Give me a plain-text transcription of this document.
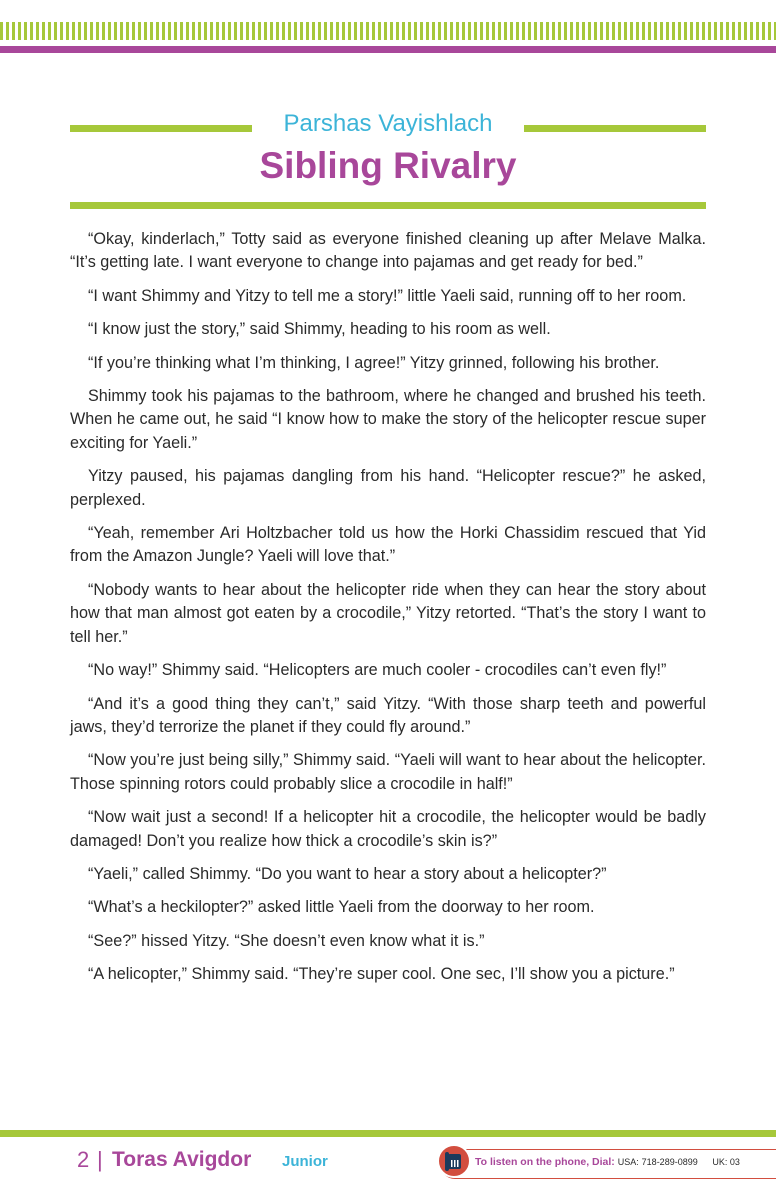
Parshas Vayishlach
Sibling Rivalry

“Okay, kinderlach,” Totty said as everyone finished cleaning up after Melave Malka. “It’s getting late. I want everyone to change into pajamas and get ready for bed.”

“I want Shimmy and Yitzy to tell me a story!” little Yaeli said, running off to her room.

“I know just the story,” said Shimmy, heading to his room as well.

“If you’re thinking what I’m thinking, I agree!” Yitzy grinned, following his brother.

Shimmy took his pajamas to the bathroom, where he changed and brushed his teeth. When he came out, he said “I know how to make the story of the helicopter rescue super exciting for Yaeli.”

Yitzy paused, his pajamas dangling from his hand. “Helicopter rescue?” he asked, perplexed.

“Yeah, remember Ari Holtzbacher told us how the Horki Chassidim rescued that Yid from the Amazon Jungle? Yaeli will love that.”

“Nobody wants to hear about the helicopter ride when they can hear the story about how that man almost got eaten by a crocodile,” Yitzy retorted. “That’s the story I want to tell her.”

“No way!” Shimmy said. “Helicopters are much cooler - crocodiles can’t even fly!”

“And it’s a good thing they can’t,” said Yitzy. “With those sharp teeth and powerful jaws, they’d terrorize the planet if they could fly around.”

“Now you’re just being silly,” Shimmy said. “Yaeli will want to hear about the helicopter. Those spinning rotors could probably slice a crocodile in half!”

“Now wait just a second! If a helicopter hit a crocodile, the helicopter would be badly damaged! Don’t you realize how thick a crocodile’s skin is?”

“Yaeli,” called Shimmy. “Do you want to hear a story about a helicopter?”

“What’s a heckilopter?” asked little Yaeli from the doorway to her room.

“See?” hissed Yitzy. “She doesn’t even know what it is.”

“A helicopter,” Shimmy said. “They’re super cool. One sec, I’ll show you a picture.”

2 | Toras Avigdor Junior	To listen on the phone, Dial: USA: 718-289-0899 UK: 03
